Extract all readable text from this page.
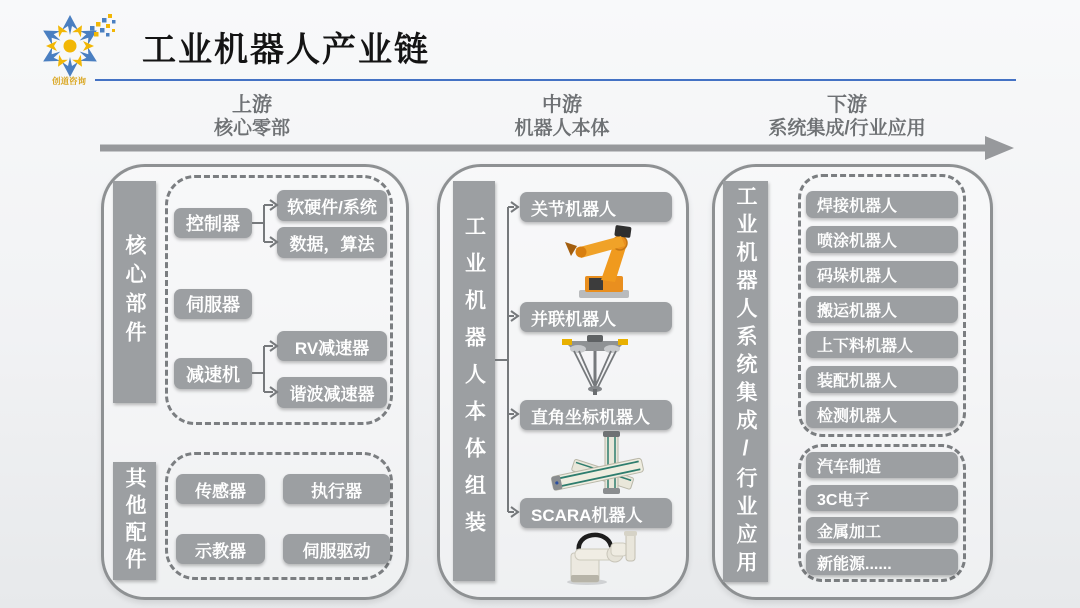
创道咨询
工业机器人产业链
上游
核心零部
中游
机器人本体
下游
系统集成/行业应用
核心部件
控制器
软硬件/系统
数据，算法
伺服器
减速机
RV减速器
谐波减速器
其他配件	传感器	执行器
示教器	伺服驱动
工业机器人本体组装
关节机器人
并联机器人
直角坐标机器人
SCARA机器人	工业机器人系统集成/行业应用	焊接机器人
喷涂机器人
码垛机器人
搬运机器人
上下料机器人
装配机器人
检测机器人
汽车制造
3C电子
金属加工
新能源......
